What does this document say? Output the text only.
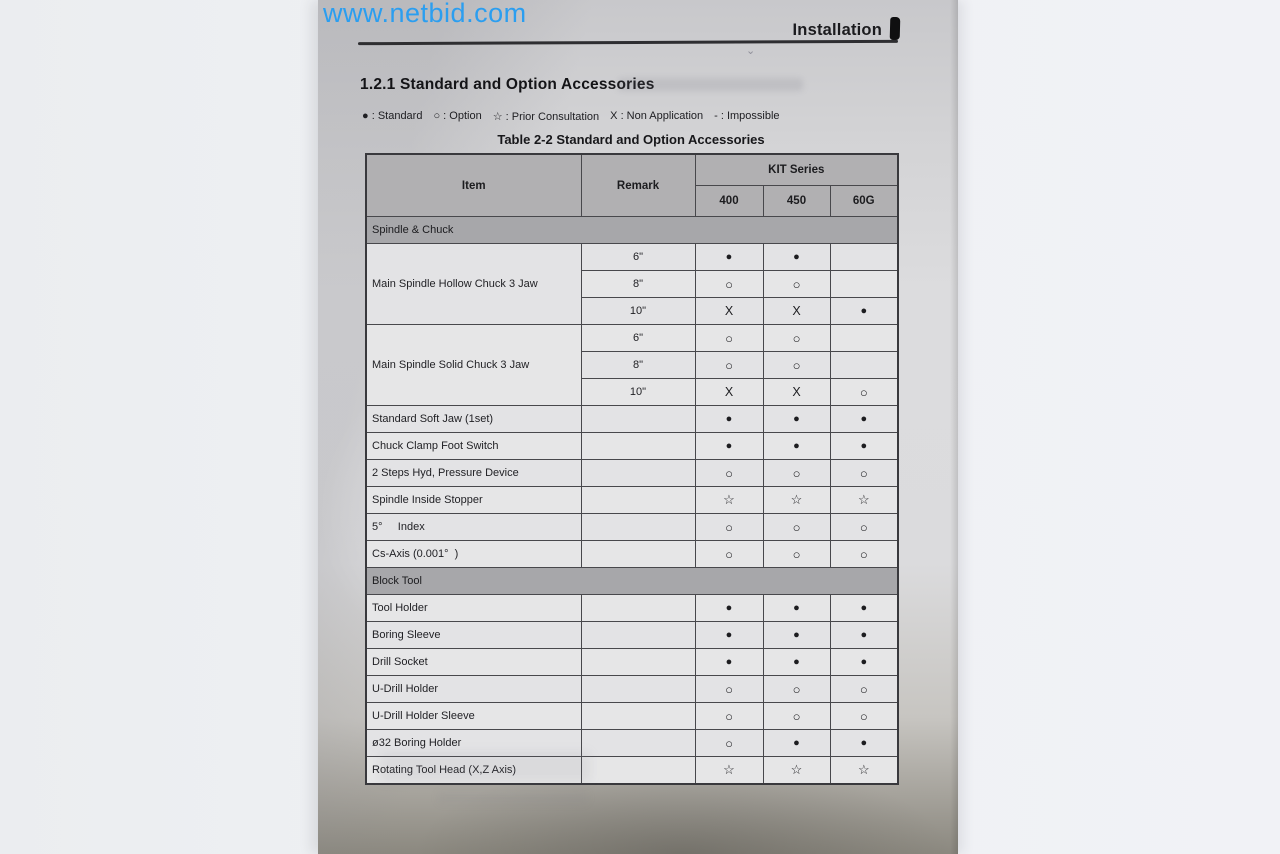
www.netbid.com
Installation
⌄
1.2.1 Standard and Option Accessories
● : Standard ○ : Option ☆ : Prior Consultation X : Non Application - : Impossible
Table 2-2 Standard and Option Accessories
Item	Remark	KIT Series		
		400	450	60G
Spindle & Chuck				
Main Spindle Hollow Chuck 3 Jaw	6"	●	●	
	8"	○	○	
	10"	X	X	●
Main Spindle Solid Chuck 3 Jaw	6"	○	○	
	8"	○	○	
	10"	X	X	○
Standard Soft Jaw (1set)		●	●	●
Chuck Clamp Foot Switch		●	●	●
2 Steps Hyd, Pressure Device		○	○	○
Spindle Inside Stopper		☆	☆	☆
5°     Index		○	○	○
Cs-Axis (0.001°  )		○	○	○
Block Tool				
Tool Holder		●	●	●
Boring Sleeve		●	●	●
Drill Socket		●	●	●
U-Drill Holder		○	○	○
U-Drill Holder Sleeve		○	○	○
ø32 Boring Holder		○	●	●
Rotating Tool Head (X,Z Axis)		☆	☆	☆
